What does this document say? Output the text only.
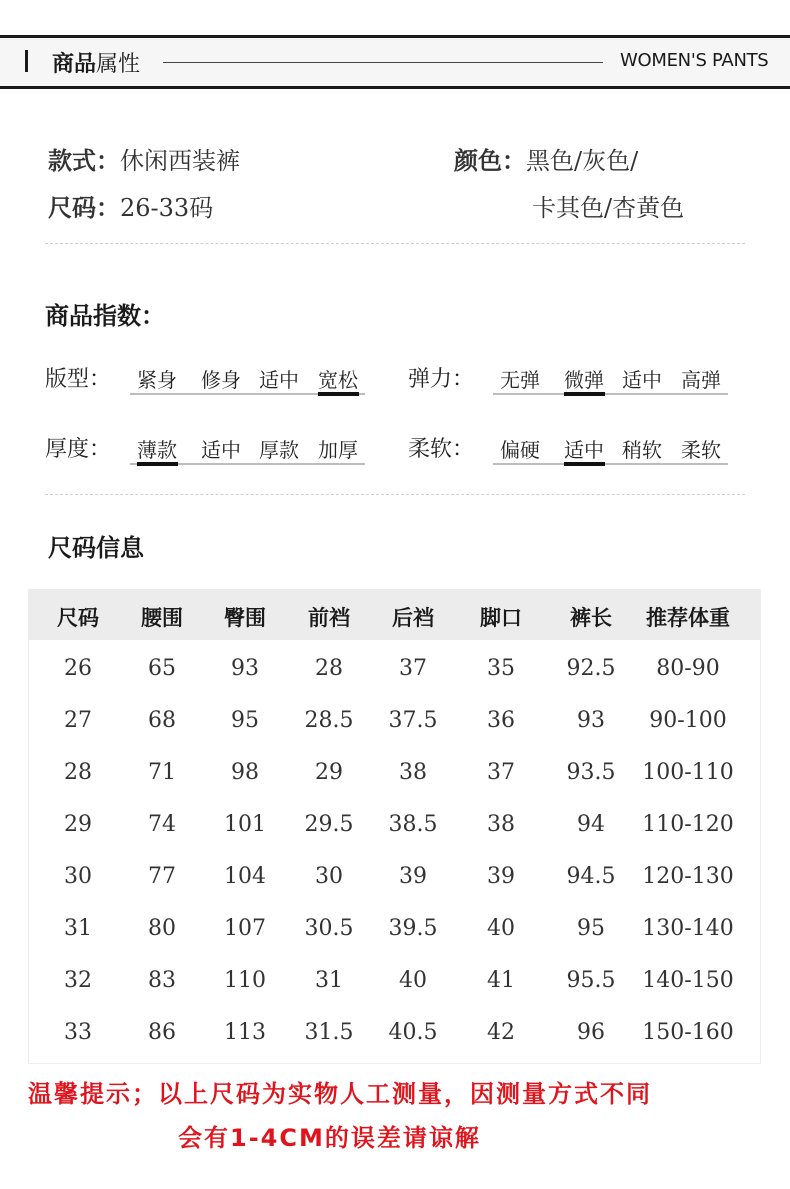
商品属性	WOMEN'S PANTS
款式：休闲西装裤
尺码：26-33码
颜色：黑色/灰色/
卡其色/杏黄色
商品指数：
版型： 紧身 修身 适中 宽松 弹力： 无弹 微弹 适中 高弹
厚度： 薄款 适中 厚款 加厚 柔软： 偏硬 适中 稍软 柔软
尺码信息
尺码 腰围 臀围 前裆 后裆 脚口 裤长 推荐体重
26	65	93	28	37	35 92.5 80-90
27	68	95 28.5 37.5 36	93 90-100
28	71	98	29	38	37 93.5 100-110
29	74 101 29.5 38.5 38	94 110-120
30	77 104 30	39	39 94.5 120-130
31	80 107 30.5 39.5 40	95 130-140
32	83 110 31	40	41 95.5 140-150
33	86 113 31.5 40.5 42	96 150-160
温馨提示；以上尺码为实物人工测量，因测量方式不同
会有1-4CM的误差请谅解
